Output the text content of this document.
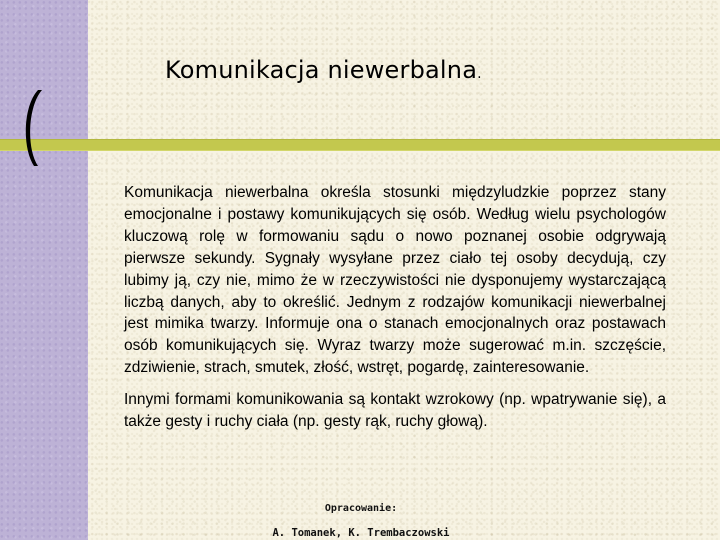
Komunikacja niewerbalna.

Komunikacja niewerbalna określa stosunki międzyludzkie poprzez stany emocjonalne i postawy komunikujących się osób. Według wielu psychologów kluczową rolę w formowaniu sądu o nowo poznanej osobie odgrywają pierwsze sekundy. Sygnały wysyłane przez ciało tej osoby decydują, czy lubimy ją, czy nie, mimo że w rzeczywistości nie dysponujemy wystarczającą liczbą danych, aby to określić. Jednym z rodzajów komunikacji niewerbalnej jest mimika twarzy. Informuje ona o stanach emocjonalnych oraz postawach osób komunikujących się. Wyraz twarzy może sugerować m.in. szczęście, zdziwienie, strach, smutek, złość, wstręt, pogardę, zainteresowanie.

Innymi formami komunikowania są kontakt wzrokowy (np. wpatrywanie się), a także gesty i ruchy ciała (np. gesty rąk, ruchy głową).

Opracowanie:
A. Tomanek, K. Trembaczowski
